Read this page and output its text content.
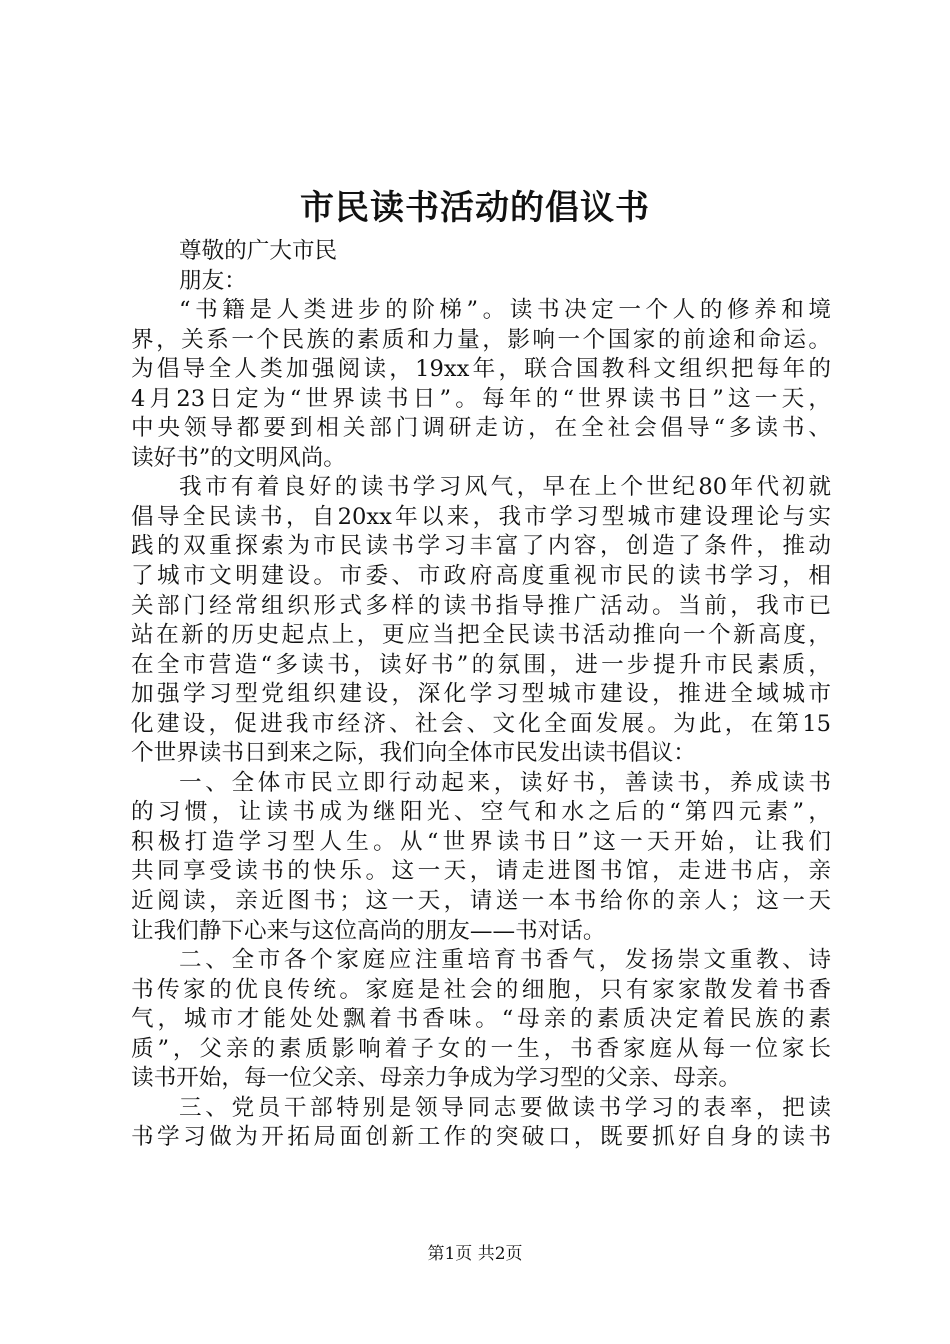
市民读书活动的倡议书
尊敬的广大市民
朋友：
“书籍是人类进步的阶梯”。读书决定一个人的修养和境
界，关系一个民族的素质和力量，影响一个国家的前途和命运。
为倡导全人类加强阅读，19xx年，联合国教科文组织把每年的
4月23日定为“世界读书日”。每年的“世界读书日”这一天，
中央领导都要到相关部门调研走访，在全社会倡导“多读书、
读好书”的文明风尚。
我市有着良好的读书学习风气，早在上个世纪80年代初就
倡导全民读书，自20xx年以来，我市学习型城市建设理论与实
践的双重探索为市民读书学习丰富了内容，创造了条件，推动
了城市文明建设。市委、市政府高度重视市民的读书学习，相
关部门经常组织形式多样的读书指导推广活动。当前，我市已
站在新的历史起点上，更应当把全民读书活动推向一个新高度，
在全市营造“多读书，读好书”的氛围，进一步提升市民素质，
加强学习型党组织建设，深化学习型城市建设，推进全域城市
化建设，促进我市经济、社会、文化全面发展。为此，在第15
个世界读书日到来之际，我们向全体市民发出读书倡议：
一、全体市民立即行动起来，读好书，善读书，养成读书
的习惯，让读书成为继阳光、空气和水之后的“第四元素”，
积极打造学习型人生。从“世界读书日”这一天开始，让我们
共同享受读书的快乐。这一天，请走进图书馆，走进书店，亲
近阅读，亲近图书；这一天，请送一本书给你的亲人；这一天
让我们静下心来与这位高尚的朋友——书对话。
二、全市各个家庭应注重培育书香气，发扬崇文重教、诗
书传家的优良传统。家庭是社会的细胞，只有家家散发着书香
气，城市才能处处飘着书香味。“母亲的素质决定着民族的素
质”，父亲的素质影响着子女的一生，书香家庭从每一位家长
读书开始，每一位父亲、母亲力争成为学习型的父亲、母亲。
三、党员干部特别是领导同志要做读书学习的表率，把读
书学习做为开拓局面创新工作的突破口，既要抓好自身的读书
第1页 共2页
